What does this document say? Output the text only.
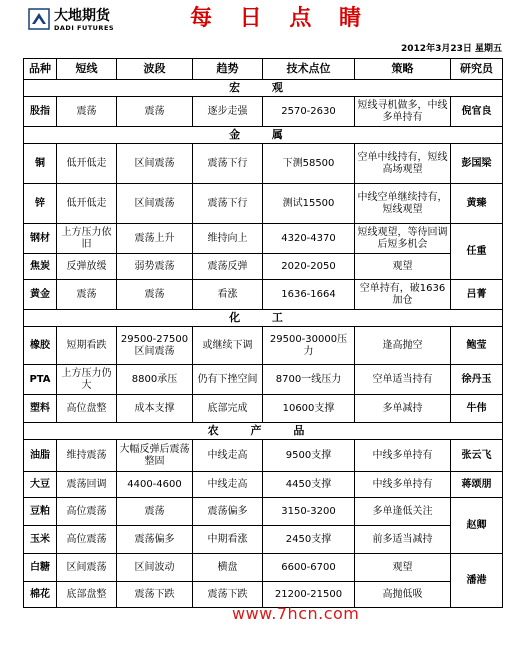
大地期货
DADI FUTURES	每 日 点 睛
2012年3月23日 星期五
品种	短线	波段	趋势	技术点位	策略	研究员
宏 观						
股指	震荡	震荡	逐步走强	2570-2630	短线寻机做多，中线多单持有	倪官良
金 属						
铜	低开低走	区间震荡	震荡下行	下测58500	空单中线持有，短线高场观望	彭国梁
锌	低开低走	区间震荡	震荡下行	测试15500	中线空单继续持有，短线观望	黄臻
钢材	上方压力依旧	震荡上升	维持向上	4320-4370	短线观望，等待回调后短多机会	任重
焦炭	反弹放缓	弱势震荡	震荡反弹	2020-2050	观望	
黄金	震荡	震荡	看涨	1636-1664	空单持有，破1636加仓	吕菁
化 工						
橡胶	短期看跌	29500-27500区间震荡	或继续下调	29500-30000压力	逢高抛空	鲍莹
PTA	上方压力仍大	8800承压	仍有下挫空间	8700一线压力	空单适当持有	徐丹玉
塑料	高位盘整	成本支撑	底部完成	10600支撑	多单减持	牛伟
农 产 品						
油脂	维持震荡	大幅反弹后震荡整固	中线走高	9500支撑	中线多单持有	张云飞
大豆	震荡回调	4400-4600	中线走高	4450支撑	中线多单持有	蒋颂朋
豆粕	高位震荡	震荡	震荡偏多	3150-3200	多单逢低关注	赵卿
玉米	高位震荡	震荡偏多	中期看涨	2450支撑	前多适当减持	
白糖	区间震荡	区间波动	横盘	6600-6700	观望	潘港
棉花	底部盘整	震荡下跌	震荡下跌	21200-21500	高抛低吸	
www.7hcn.com
